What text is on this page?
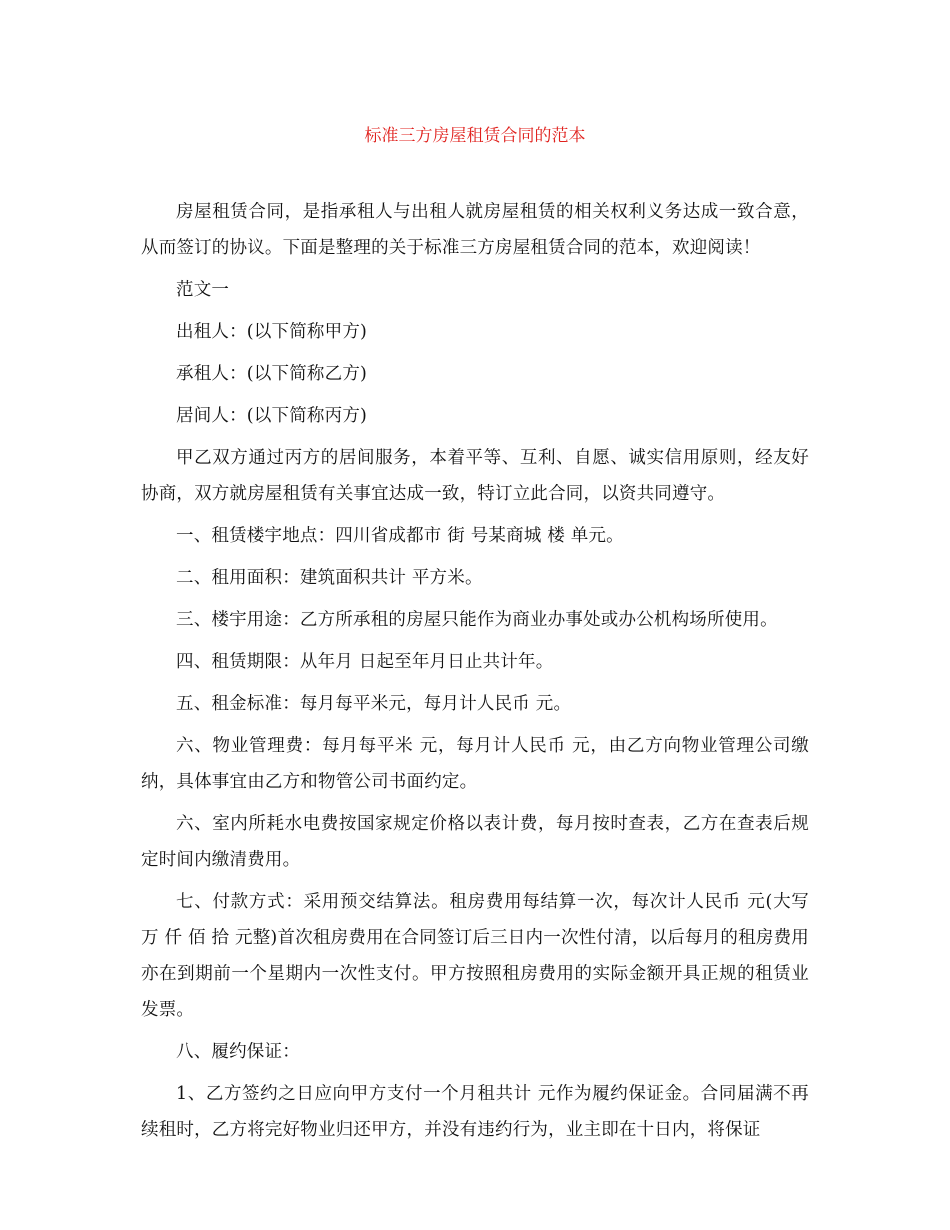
标准三方房屋租赁合同的范本

房屋租赁合同，是指承租人与出租人就房屋租赁的相关权利义务达成一致合意，从而签订的协议。下面是整理的关于标准三方房屋租赁合同的范本，欢迎阅读！

范文一

出租人：(以下简称甲方)

承租人：(以下简称乙方)

居间人：(以下简称丙方)

甲乙双方通过丙方的居间服务，本着平等、互利、自愿、诚实信用原则，经友好协商，双方就房屋租赁有关事宜达成一致，特订立此合同，以资共同遵守。

一、租赁楼宇地点：四川省成都市 街 号某商城 楼 单元。

二、租用面积：建筑面积共计 平方米。

三、楼宇用途：乙方所承租的房屋只能作为商业办事处或办公机构场所使用。

四、租赁期限：从年月 日起至年月日止共计年。

五、租金标准：每月每平米元，每月计人民币 元。

六、物业管理费：每月每平米 元，每月计人民币 元，由乙方向物业管理公司缴纳，具体事宜由乙方和物管公司书面约定。

六、室内所耗水电费按国家规定价格以表计费，每月按时查表，乙方在查表后规定时间内缴清费用。

七、付款方式：采用预交结算法。租房费用每结算一次，每次计人民币 元(大写 万 仟 佰 拾 元整)首次租房费用在合同签订后三日内一次性付清，以后每月的租房费用亦在到期前一个星期内一次性支付。甲方按照租房费用的实际金额开具正规的租赁业发票。

八、履约保证：

1、乙方签约之日应向甲方支付一个月租共计 元作为履约保证金。合同届满不再续租时，乙方将完好物业归还甲方，并没有违约行为，业主即在十日内，将保证
